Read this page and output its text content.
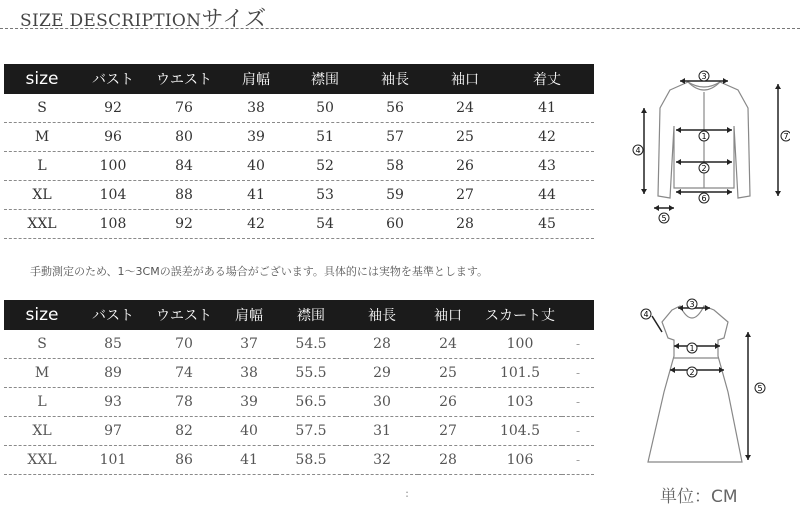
SIZE DESCRIPTIONサイズ
size	バスト	ウエスト	肩幅	襟围	袖長	袖口	着丈
S	92	76	38	50	56	24	41
M	96	80	39	51	57	25	42
L	100	84	40	52	58	26	43
XL	104	88	41	53	59	27	44
XXL	108	92	42	54	60	28	45
手動測定のため、1〜3CMの誤差がある場合がございます。具体的には実物を基準とします。
size	バスト	ウエスト	肩幅	襟围	袖長	袖口	スカート丈	
S	85	70	37	54.5	28	24	100	-
M	89	74	38	55.5	29	25	101.5	-
L	93	78	39	56.5	30	26	103	-
XL	97	82	40	57.5	31	27	104.5	-
XXL	101	86	41	58.5	32	28	106	-
3
1
4
2
7
6
5
4
3
1
2
5
:	単位：CM
